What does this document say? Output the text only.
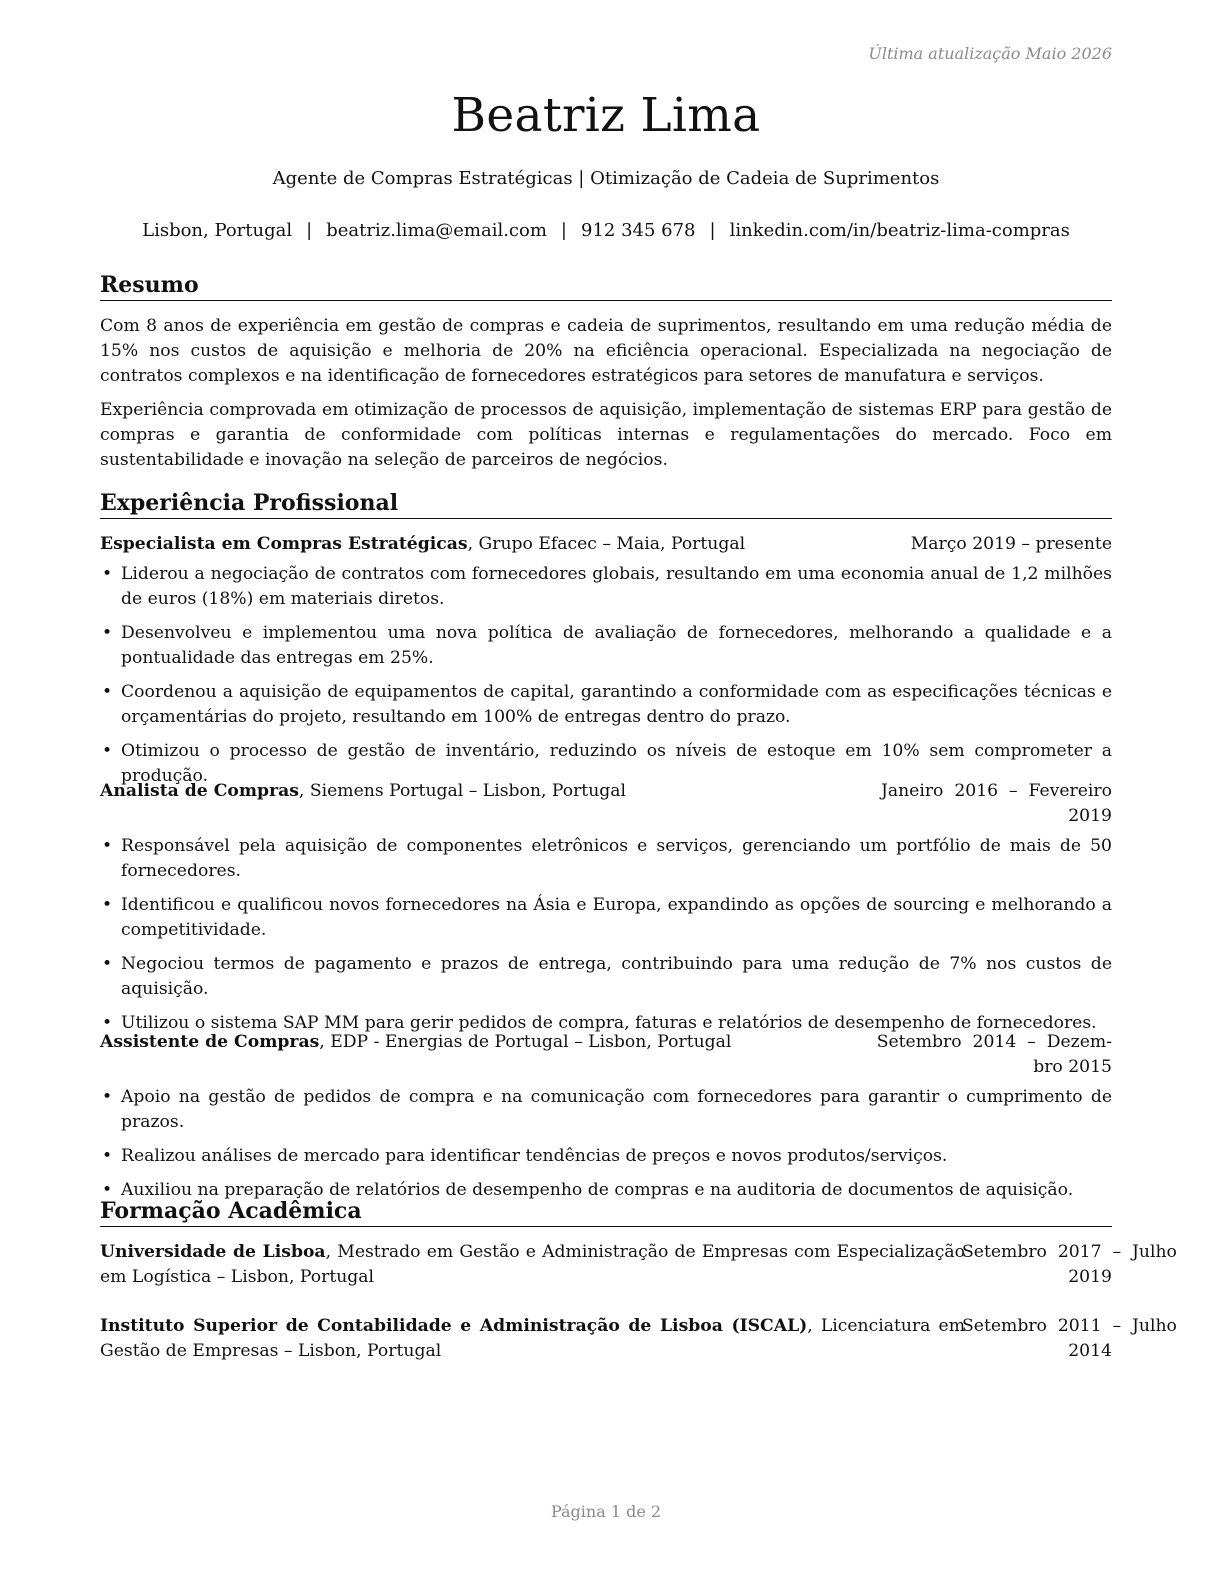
Última atualização Maio 2026
Beatriz Lima
Agente de Compras Estratégicas | Otimização de Cadeia de Suprimentos
Lisbon, Portugal | beatriz.lima@email.com | 912 345 678 | linkedin.com/in/beatriz-lima-compras
Resumo

Com 8 anos de experiência em gestão de compras e cadeia de suprimentos, resultando em uma redução média de 15% nos custos de aquisição e melhoria de 20% na eficiência operacional. Especializada na negociação de contratos complexos e na identificação de fornecedores estratégicos para setores de manufatura e serviços.

Experiência comprovada em otimização de processos de aquisição, implementação de sistemas ERP para gestão de compras e garantia de conformidade com políticas internas e regulamentações do mercado. Foco em sustentabilidade e inovação na seleção de parceiros de negócios.

Experiência Profissional
Especialista em Compras Estratégicas, Grupo Efacec – Maia, Portugal	Março 2019 – presente
• Liderou a negociação de contratos com fornecedores globais, resultando em uma economia anual de 1,2 milhões de euros (18%) em materiais diretos.
• Desenvolveu e implementou uma nova política de avaliação de fornecedores, melhorando a qualidade e a pontualidade das entregas em 25%.
• Coordenou a aquisição de equipamentos de capital, garantindo a conformidade com as especificações técnicas e orçamentárias do projeto, resultando em 100% de entregas dentro do prazo.
• Otimizou o processo de gestão de inventário, reduzindo os níveis de estoque em 10% sem comprometer a produção.
Analista de Compras, Siemens Portugal – Lisbon, Portugal	Janeiro  2016  –  Fevereiro
2019
• Responsável pela aquisição de componentes eletrônicos e serviços, gerenciando um portfólio de mais de 50 fornecedores.
• Identificou e qualificou novos fornecedores na Ásia e Europa, expandindo as opções de sourcing e melhorando a competitividade.
• Negociou termos de pagamento e prazos de entrega, contribuindo para uma redução de 7% nos custos de aquisição.
• Utilizou o sistema SAP MM para gerir pedidos de compra, faturas e relatórios de desempenho de fornecedores.
Assistente de Compras, EDP - Energias de Portugal – Lisbon, Portugal	Setembro  2014  –  Dezem-
bro 2015
• Apoio na gestão de pedidos de compra e na comunicação com fornecedores para garantir o cumprimento de prazos.
• Realizou análises de mercado para identificar tendências de preços e novos produtos/serviços.
• Auxiliou na preparação de relatórios de desempenho de compras e na auditoria de documentos de aquisição.
Formação Acadêmica
Universidade de Lisboa, Mestrado em Gestão e Administração de Empresas com Especialização em Logística – Lisbon, Portugal
Setembro  2017  –  Julho
2019
Instituto Superior de Contabilidade e Administração de Lisboa (ISCAL), Licenciatura em Gestão de Empresas – Lisbon, Portugal
Setembro  2011  –  Julho
2014
Página 1 de 2
